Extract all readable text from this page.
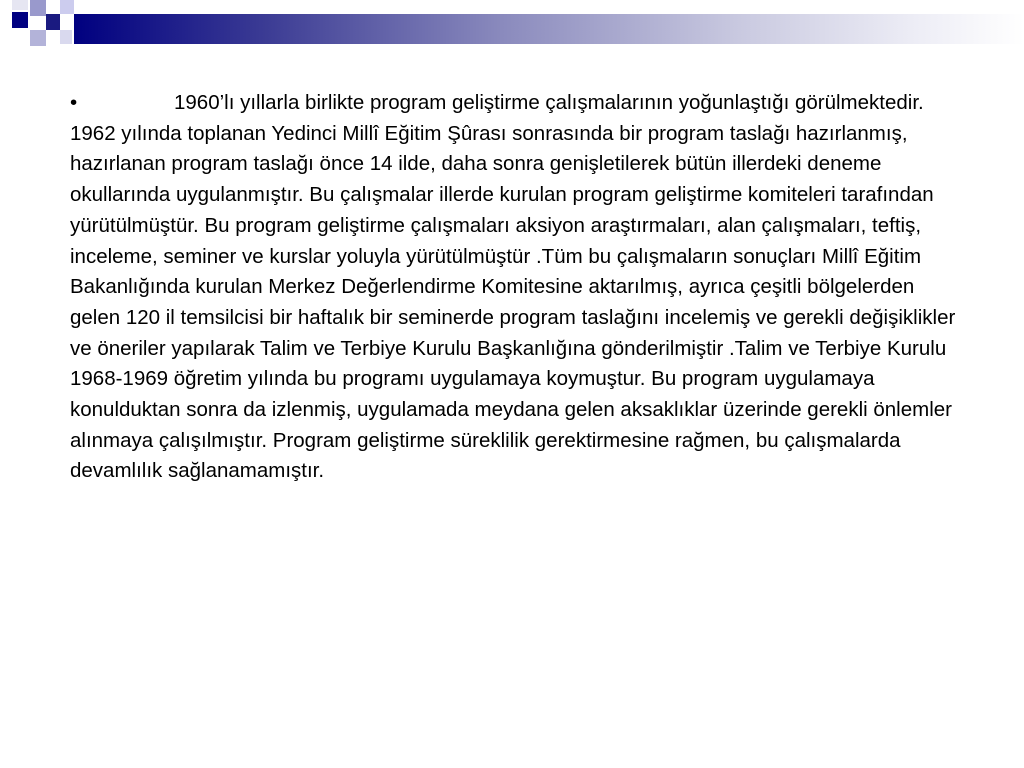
•	1960’lı yıllarla birlikte program geliştirme çalışmalarının yoğunlaştığı görülmektedir. 1962 yılında toplanan Yedinci Millî Eğitim Şûrası sonrasında bir program taslağı hazırlanmış, hazırlanan program taslağı önce 14 ilde, daha sonra genişletilerek bütün illerdeki deneme okullarında uygulanmıştır. Bu çalışmalar illerde kurulan program geliştirme komiteleri tarafından yürütülmüştür. Bu program geliştirme çalışmaları aksiyon araştırmaları, alan çalışmaları, teftiş, inceleme, seminer ve kurslar yoluyla yürütülmüştür .Tüm bu çalışmaların sonuçları Millî Eğitim Bakanlığında kurulan Merkez Değerlendirme Komitesine aktarılmış, ayrıca çeşitli bölgelerden gelen 120 il temsilcisi bir haftalık bir seminerde program taslağını incelemiş ve gerekli değişiklikler ve öneriler yapılarak Talim ve Terbiye Kurulu Başkanlığına gönderilmiştir .Talim ve Terbiye Kurulu 1968-1969 öğretim yılında bu programı uygulamaya koymuştur. Bu program uygulamaya konulduktan sonra da izlenmiş, uygulamada meydana gelen aksaklıklar üzerinde gerekli önlemler alınmaya çalışılmıştır. Program geliştirme süreklilik gerektirmesine rağmen, bu çalışmalarda devamlılık sağlanamamıştır.
